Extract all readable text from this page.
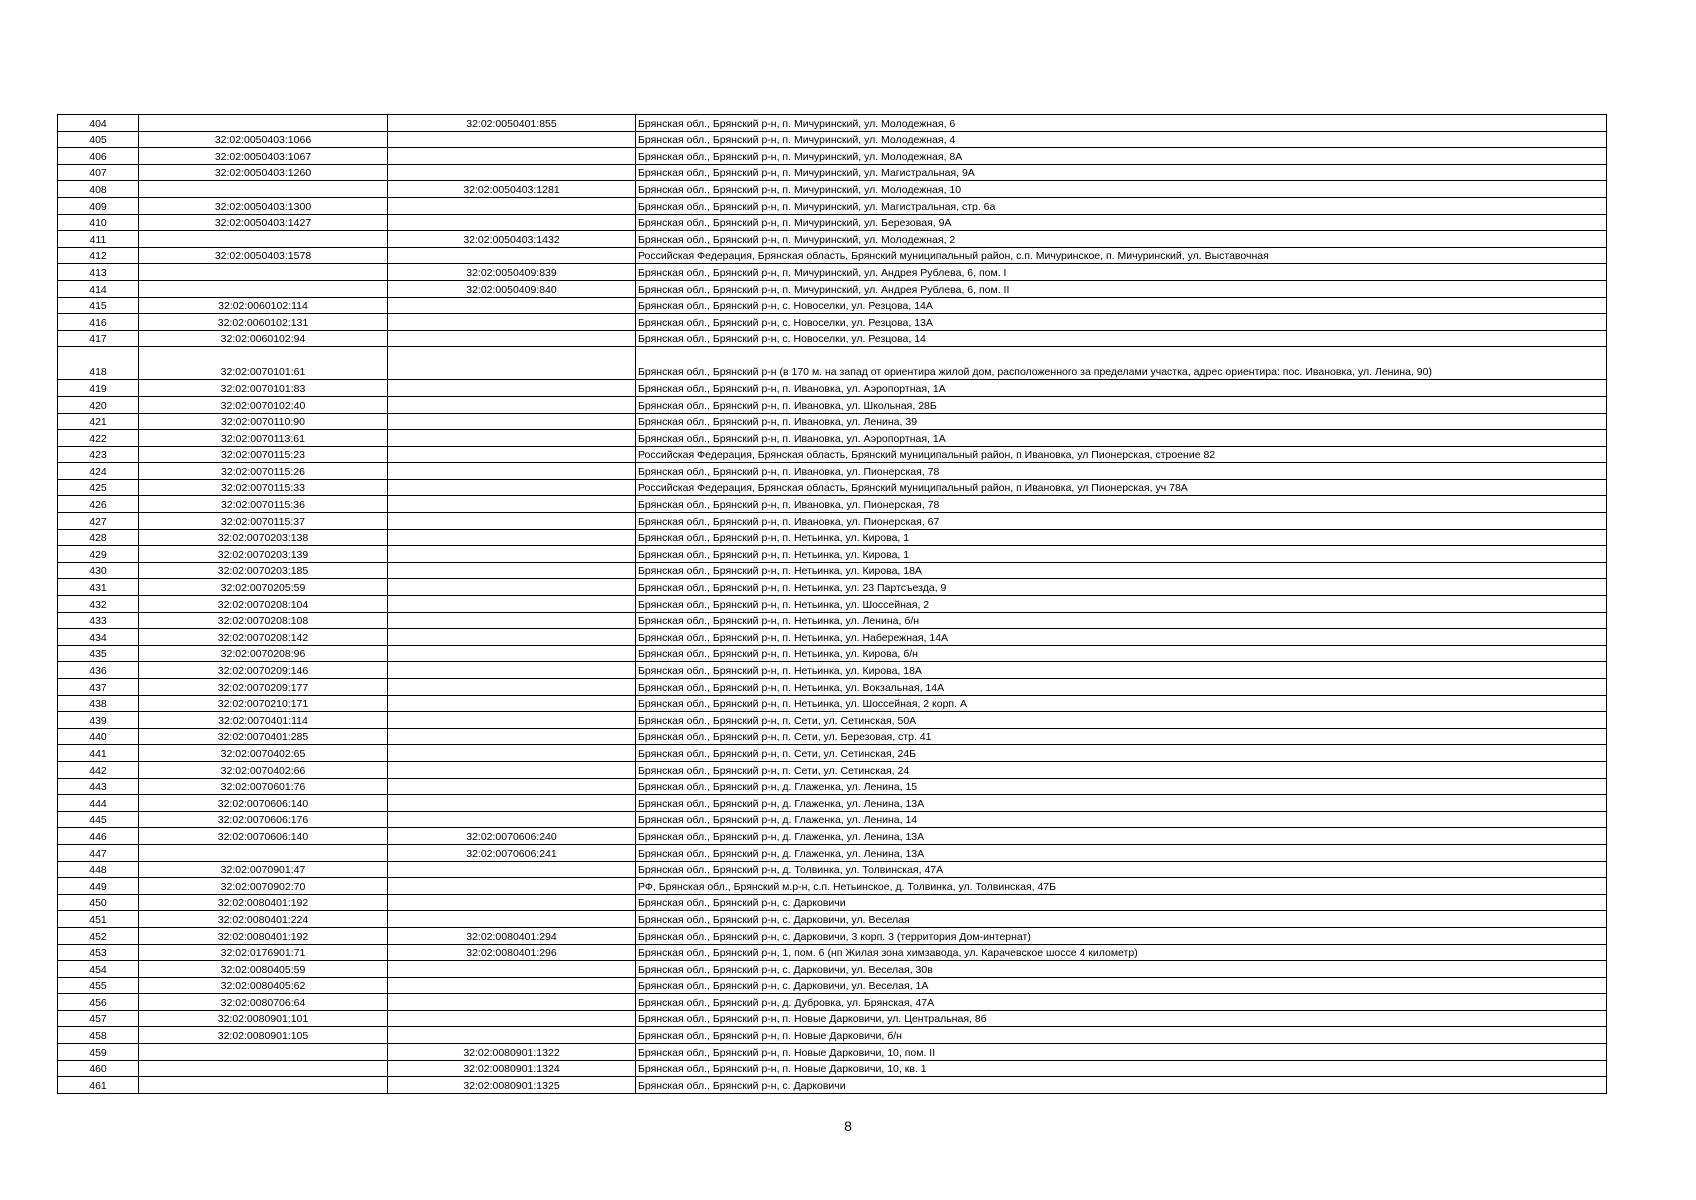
404		32:02:0050401:855	Брянская обл., Брянский р-н, п. Мичуринский, ул. Молодежная, 6
405	32:02:0050403:1066		Брянская обл., Брянский р-н, п. Мичуринский, ул. Молодежная, 4
406	32:02:0050403:1067		Брянская обл., Брянский р-н, п. Мичуринский, ул. Молодежная, 8А
407	32:02:0050403:1260		Брянская обл., Брянский р-н, п. Мичуринский, ул. Магистральная, 9А
408		32:02:0050403:1281	Брянская обл., Брянский р-н, п. Мичуринский, ул. Молодежная, 10
409	32:02:0050403:1300		Брянская обл., Брянский р-н, п. Мичуринский, ул. Магистральная, стр. 6а
410	32:02:0050403:1427		Брянская обл., Брянский р-н, п. Мичуринский, ул. Березовая, 9А
411		32:02:0050403:1432	Брянская обл., Брянский р-н, п. Мичуринский, ул. Молодежная, 2
412	32:02:0050403:1578		Российская Федерация, Брянская область, Брянский муниципальный район, с.п. Мичуринское, п. Мичуринский, ул. Выставочная
413		32:02:0050409:839	Брянская обл., Брянский р-н, п. Мичуринский, ул. Андрея Рублева, 6, пом. I
414		32:02:0050409:840	Брянская обл., Брянский р-н, п. Мичуринский, ул. Андрея Рублева, 6, пом. II
415	32:02:0060102:114		Брянская обл., Брянский р-н, с. Новоселки, ул. Резцова, 14А
416	32:02:0060102:131		Брянская обл., Брянский р-н, с. Новоселки, ул. Резцова, 13А
417	32:02:0060102:94		Брянская обл., Брянский р-н, с. Новоселки, ул. Резцова, 14
418	32:02:0070101:61		Брянская обл., Брянский р-н (в 170 м. на запад от ориентира жилой дом, расположенного за пределами участка, адрес ориентира: пос. Ивановка, ул. Ленина, 90)
419	32:02:0070101:83		Брянская обл., Брянский р-н, п. Ивановка, ул. Аэропортная, 1А
420	32:02:0070102:40		Брянская обл., Брянский р-н, п. Ивановка, ул. Школьная, 28Б
421	32:02:0070110:90		Брянская обл., Брянский р-н, п. Ивановка, ул. Ленина, 39
422	32:02:0070113:61		Брянская обл., Брянский р-н, п. Ивановка, ул. Аэропортная, 1А
423	32:02:0070115:23		Российская Федерация, Брянская область, Брянский муниципальный район, п Ивановка, ул Пионерская, строение 82
424	32:02:0070115:26		Брянская обл., Брянский р-н, п. Ивановка, ул. Пионерская, 78
425	32:02:0070115:33		Российская Федерация, Брянская область, Брянский муниципальный район, п Ивановка, ул Пионерская, уч 78А
426	32:02:0070115:36		Брянская обл., Брянский р-н, п. Ивановка, ул. Пионерская, 78
427	32:02:0070115:37		Брянская обл., Брянский р-н, п. Ивановка, ул. Пионерская, 67
428	32:02:0070203:138		Брянская обл., Брянский р-н, п. Нетьинка, ул. Кирова, 1
429	32:02:0070203:139		Брянская обл., Брянский р-н, п. Нетьинка, ул. Кирова, 1
430	32:02:0070203:185		Брянская обл., Брянский р-н, п. Нетьинка, ул. Кирова, 18А
431	32:02:0070205:59		Брянская обл., Брянский р-н, п. Нетьинка, ул. 23 Партсъезда, 9
432	32:02:0070208:104		Брянская обл., Брянский р-н, п. Нетьинка, ул. Шоссейная, 2
433	32:02:0070208:108		Брянская обл., Брянский р-н, п. Нетьинка, ул. Ленина, б/н
434	32:02:0070208:142		Брянская обл., Брянский р-н, п. Нетьинка, ул. Набережная, 14А
435	32:02:0070208:96		Брянская обл., Брянский р-н, п. Нетьинка, ул. Кирова, б/н
436	32:02:0070209:146		Брянская обл., Брянский р-н, п. Нетьинка, ул. Кирова, 18А
437	32:02:0070209:177		Брянская обл., Брянский р-н, п. Нетьинка, ул. Вокзальная, 14А
438	32:02:0070210:171		Брянская обл., Брянский р-н, п. Нетьинка, ул. Шоссейная, 2 корп. А
439	32:02:0070401:114		Брянская обл., Брянский р-н, п. Сети, ул. Сетинская, 50А
440	32:02:0070401:285		Брянская обл., Брянский р-н, п. Сети, ул. Березовая, стр. 41
441	32:02:0070402:65		Брянская обл., Брянский р-н, п. Сети, ул. Сетинская, 24Б
442	32:02:0070402:66		Брянская обл., Брянский р-н, п. Сети, ул. Сетинская, 24
443	32:02:0070601:76		Брянская обл., Брянский р-н, д. Глаженка, ул. Ленина, 15
444	32:02:0070606:140		Брянская обл., Брянский р-н, д. Глаженка, ул. Ленина, 13А
445	32:02:0070606:176		Брянская обл., Брянский р-н, д. Глаженка, ул. Ленина, 14
446	32:02:0070606:140	32:02:0070606:240	Брянская обл., Брянский р-н, д. Глаженка, ул. Ленина, 13А
447		32:02:0070606:241	Брянская обл., Брянский р-н, д. Глаженка, ул. Ленина, 13А
448	32:02:0070901:47		Брянская обл., Брянский р-н, д. Толвинка, ул. Толвинская, 47А
449	32:02:0070902:70		РФ, Брянская обл., Брянский м.р-н, с.п. Нетьинское, д. Толвинка, ул. Толвинская, 47Б
450	32:02:0080401:192		Брянская обл., Брянский р-н, с. Дарковичи
451	32:02:0080401:224		Брянская обл., Брянский р-н, с. Дарковичи, ул. Веселая
452	32:02:0080401:192	32:02:0080401:294	Брянская обл., Брянский р-н, с. Дарковичи, 3 корп. 3 (территория Дом-интернат)
453	32:02:0176901:71	32:02:0080401:296	Брянская обл., Брянский р-н, 1, пом. 6 (нп Жилая зона химзавода, ул. Карачевское шоссе 4 километр)
454	32:02:0080405:59		Брянская обл., Брянский р-н, с. Дарковичи, ул. Веселая, 30в
455	32:02:0080405:62		Брянская обл., Брянский р-н, с. Дарковичи, ул. Веселая, 1А
456	32:02:0080706:64		Брянская обл., Брянский р-н, д. Дубровка, ул. Брянская, 47А
457	32:02:0080901:101		Брянская обл., Брянский р-н, п. Новые Дарковичи, ул. Центральная, 8б
458	32:02:0080901:105		Брянская обл., Брянский р-н, п. Новые Дарковичи, б/н
459		32:02:0080901:1322	Брянская обл., Брянский р-н, п. Новые Дарковичи, 10, пом. II
460		32:02:0080901:1324	Брянская обл., Брянский р-н, п. Новые Дарковичи, 10, кв. 1
461		32:02:0080901:1325	Брянская обл., Брянский р-н, с. Дарковичи
8
